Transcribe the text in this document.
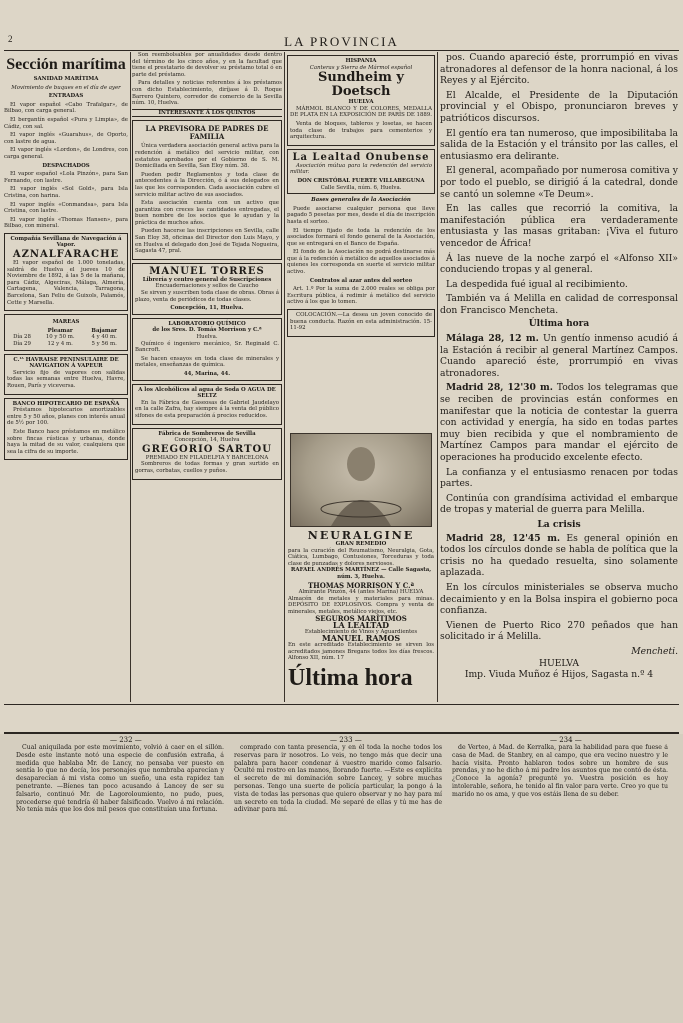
2	LA PROVINCIA
Sección marítima
SANIDAD MARÍTIMA
Movimiento de buques en el día de ayer
ENTRADAS

El vapor español «Cabo Trafalgar», de Bilbao, con carga general.

El bergantín español «Pura y Limpia», de Cádiz, con sal.

El vapor inglés «Guarahus», de Oporto, con lastre de agua.

El vapor inglés «Lordon», de Londres, con carga general.

DESPACHADOS

El vapor español «Lola Pinzón», para San Fernando, con lastre.

El vapor inglés «Sol Gold», para Isla Cristina, con harina.

El vapor inglés «Conmandsa», para Isla Cristina, con lastre.

El vapor inglés «Thomas Hansen», para Bilbao, con mineral.

Compañía Sevillana de Navegación á Vapor.
AZNALFARACHE

El vapor español de 1.000 toneladas, saldrá de Huelva el jueves 10 de Noviembre de 1892, á las 5 de la mañana, para Cádiz, Algeciras, Málaga, Almería, Cartagena, Valencia, Tarragona, Barcelona, San Feliu de Guixols, Palamós, Cette y Marsella.

MAREAS
	Pleamar	Bajamar
Día 28	10 y 50 m.	4 y 40 m.
Día 29	12 y 4 m.	5 y 56 m.
C.ᴵᴬ HAVRAISE PENINSULAIRE DE NAVIGATION Á VAPEUR

Servicio fijo de vapores con salidas todas las semanas entre Huelva, Havre, Rouen, París y viceversa.

BANCO HIPOTECARIO DE ESPAÑA

Préstamos hipotecarios amortizables entre 5 y 50 años, planes con interés anual de 5½ por 100.

Este Banco hace préstamos en metálico sobre fincas rústicas y urbanas, donde haya la mitad de su valor, cualquiera que sea la cifra de su importe.

Son reembolsables por anualidades desde dentro del término de los cinco años, y en la facultad que tiene el prestatario de devolver su préstamo total ó en parte del préstamo.

Para detalles y noticias referentes á los préstamos con dicho Establecimiento, diríjase á D. Roque Barrero Quintero, corredor de comercio de la Sevilla núm. 10, Huelva.

INTERESANTE Á LOS QUINTOS
LA PREVISORA DE PADRES DE FAMILIA

Única verdadera asociación general activa para la redención á metálico del servicio militar, con estatutos aprobados por el Gobierno de S. M. Domiciliada en Sevilla, San Eloy núm. 38.

Pueden pedir Reglamentos y toda clase de antecedentes á la Dirección, ó á sus delegados en las que les corresponden. Cada asociación cubre el servicio militar activo de sus asociados.

Esta asociación cuenta con un activo que garantiza con creces las cantidades entregadas, el buen nombre de los socios que le ayudan y la práctica de muchos años.

Pueden hacerse las inscripciones en Sevilla, calle San Eloy 38, oficinas del Director don Luis Mayo, y en Huelva el delegado don José de Tejada Nogueira, Sagasta 47, pral.

MANUEL TORRES
Librería y centro general de Suscripciones
Encuadernaciones y sellos de Caucho

Se sirven y suscriben toda clase de obras. Obras á plazo, venta de periódicos de todas clases.

Concepción, 11, Huelva.
LABORATORIO QUÍMICO
de los Sres. D. Tomás Morrison y C.ª
Huelva.

Químico é ingeniero mecánico, Sr. Reginald C. Bancroft.

Se hacen ensayos en toda clase de minerales y metales, enseñanzas de química.

44, Marina, 44.
A los Alcohólicos al agua de Soda O AGUA DE SELTZ

En la Fábrica de Gaseosas de Gabriel Jaudelayo en la calle Zafra, hay siempre á la venta del público sifones de esta preparación á precios reducidos.

Fábrica de Sombreros de Sevilla
Concepción, 14, Huelva
GREGORIO SARTOU
PREMIADO EN FILADELFIA Y BARCELONA

Sombreros de todas formas y gran surtido en gorras, corbatas, cuellos y puños.

HISPANIA
Canteras y Sierra de Mármol español
Sundheim y Doetsch
HUELVA

MÁRMOL BLANCO Y DE COLORES, MEDALLA DE PLATA EN LA EXPOSICIÓN DE PARÍS DE 1889.

Venta de bloques, tableros y losetas, se hacen toda clase de trabajos para cementerios y arquitectura.

La Lealtad Onubense

Asociación mútua para la redención del servicio militar.

DON CRISTÓBAL FUERTE VILLABEGUNA
Calle Sevilla, núm. 6, Huelva.
Bases generales de la Asociación

Puede asociarse cualquier persona que lleve pagado 5 pesetas por mes, desde el día de inscripción hasta el sorteo.

El tiempo fijado de toda la redención de los asociados formará el fondo general de la Asociación, que se entregará en el Banco de España.

El fondo de la Asociación no podrá destinarse más que á la redención á metálico de aquellos asociados á quienes les corresponda en suerte el servicio militar activo.

Contratos al azar antes del sorteo

Art. 1.º Por la suma de 2.000 reales se obliga por Escritura pública, á redimir á metálico del servicio activo á los que lo tomen.

COLOCACIÓN.—La desea un joven conocido de buena conducta. Razón en esta administración. 15-11-92

pos. Cuando apareció éste, prorrumpió en vivas atronadores al defensor de la honra nacional, á los Reyes y al Ejército.

El Alcalde, el Presidente de la Diputación provincial y el Obispo, pronunciaron breves y patrióticos discursos.

El gentío era tan numeroso, que imposibilitaba la salida de la Estación y el tránsito por las calles, el entusiasmo era delirante.

El general, acompañado por numerosa comitiva y por todo el pueblo, se dirigió á la catedral, donde se cantó un solemne «Te Deum».

En las calles que recorrió la comitiva, la manifestación pública era verdaderamente entusiasta y las masas gritaban: ¡Viva el futuro vencedor de África!

Á las nueve de la noche zarpó el «Alfonso XII» conduciendo tropas y al general.

La despedida fué igual al recibimiento.

También va á Melilla en calidad de corresponsal don Francisco Mencheta.

Última hora

Málaga 28, 12 m. Un gentío inmenso acudió á la Estación á recibir al general Martínez Campos. Cuando apareció éste, prorrumpió en vivas atronadores.

Madrid 28, 12'30 m. Todos los telegramas que se reciben de provincias están conformes en manifestar que la noticia de contestar la guerra con actividad y energía, ha sido en todas partes muy bien recibida y que el nombramiento de Martínez Campos para mandar el ejército de operaciones ha producido excelente efecto.

La confianza y el entusiasmo renacen por todas partes.

Continúa con grandísima actividad el embarque de tropas y material de guerra para Melilla.

La crisis

Madrid 28, 12'45 m. Es general opinión en todos los círculos donde se habla de política que la crisis no ha quedado resuelta, sino solamente aplazada.

En los círculos ministeriales se observa mucho decaimiento y en la Bolsa inspira el gobierno poca confianza.

Vienen de Puerto Rico 270 peñados que han solicitado ir á Melilla.

Mencheti.
HUELVA
Imp. Viuda Muñoz é Hijos, Sagasta n.º 4
— 232 —	— 233 —	— 234 —

Cual aniquilada por este movimiento, volvió á caer en el sillón. Desde este instante notó una especie de confusión extraña, á medida que hablaba Mr. de Lancy, no pensaba ver puesto en sentía lo que no decía, los personajes que nombraba aparecían y desaparecían á mi vista como un sueño, una esta rapidez tan penetrante. —Bíenes tan poco acusando á Lancey de ser su falsario, continuó Mr. de Lagoroloumiento, no pudo, pues, procederse qué tendría él haber falsificado. Vuelvo á mi relación. No tenía más que los dos mil pesos que constituían una fortuna.

comprado con tanta presencia, y en él toda la noche todos los reservas para ir nosotros. Lo veis, no tengo más que decir una palabra para hacer condenar á vuestro marido como falsario. Oculté mi rostro en las manos, llorando fuerte. —Este es explícita el secreto de mi dominación sobre Lancey, y sobre muchas personas. Tengo una suerte de policía particular, la pongo á la vista de todas las personas que quiero observar y no hay para mí un secreto en toda la ciudad. Me separé de ellas y tú me has de adivinar para mí.

de Verteo, á Mad. de Kerralka, para la habilidad para que fuese á casa de Mad. de Stanbry, en al campo, que era vecino nuestro y le hacía visita. Pronto hablaron todos sobre un hombre de sus prendas, y no he dicho á mi padre los asuntos que me contó de ésta. ¿Conoce la agonía? pregunté yo. Vuestra posición es hoy intolerable, señora, he tenido al fin valor para verte. Creo yo que tu marido no os ama, y que vos estáis llena de su deber.

NEURALGINE
GRAN REMEDIO

para la curación del Reumatismo, Neuralgia, Gota, Ciática, Lumbago, Contusiones, Torceduras y toda clase de punzadas y dolores nerviosos.

RAFAEL ANDRÉS MARTÍNEZ — Calle Sagasta, núm. 3, Huelva.

THOMAS MORRISON Y C.ª
Almirante Pinzón, 44 (antes Marina) HUELVA

Almacén de metales y materiales para minas. DEPÓSITO DE EXPLOSIVOS. Compra y venta de minerales, metales, metálico viejos, etc.

SEGUROS MARÍTIMOS
LA LEALTAD
Establecimiento de Vinos y Aguardientes
MANUEL RAMOS

En este acreditado Establecimiento se sirven los acreditados jamones Bregans todos los días frescos. Alfonso XII, núm. 17

Última hora
